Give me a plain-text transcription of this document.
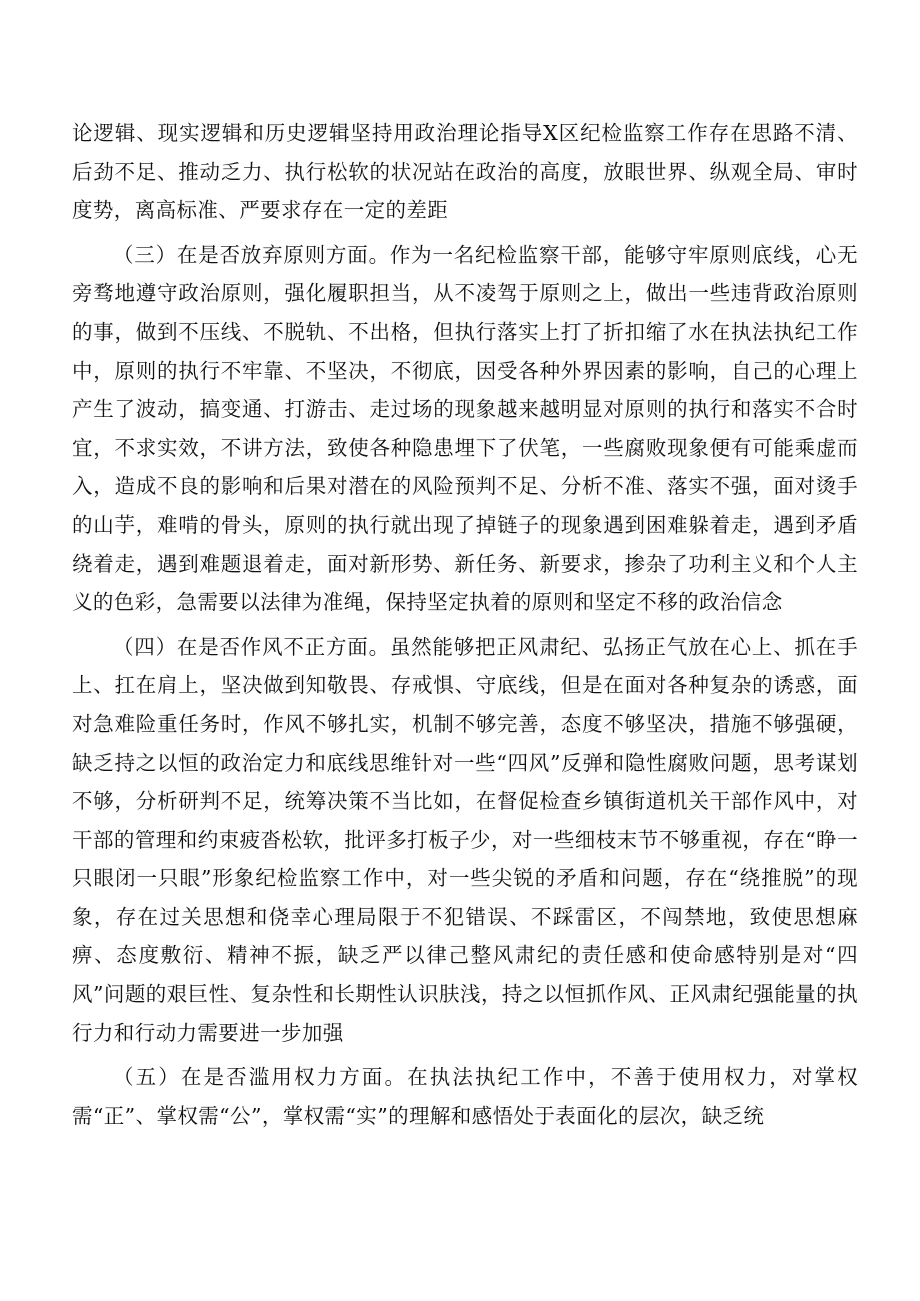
论逻辑、现实逻辑和历史逻辑坚持用政治理论指导X区纪检监察工作存在思路不清、后劲不足、推动乏力、执行松软的状况站在政治的高度，放眼世界、纵观全局、审时度势，离高标准、严要求存在一定的差距

（三）在是否放弃原则方面。作为一名纪检监察干部，能够守牢原则底线，心无旁骛地遵守政治原则，强化履职担当，从不凌驾于原则之上，做出一些违背政治原则的事，做到不压线、不脱轨、不出格，但执行落实上打了折扣缩了水在执法执纪工作中，原则的执行不牢靠、不坚决，不彻底，因受各种外界因素的影响，自己的心理上产生了波动，搞变通、打游击、走过场的现象越来越明显对原则的执行和落实不合时宜，不求实效，不讲方法，致使各种隐患埋下了伏笔，一些腐败现象便有可能乘虚而入，造成不良的影响和后果对潜在的风险预判不足、分析不准、落实不强，面对烫手的山芋，难啃的骨头，原则的执行就出现了掉链子的现象遇到困难躲着走，遇到矛盾绕着走，遇到难题退着走，面对新形势、新任务、新要求，掺杂了功利主义和个人主义的色彩，急需要以法律为准绳，保持坚定执着的原则和坚定不移的政治信念

（四）在是否作风不正方面。虽然能够把正风肃纪、弘扬正气放在心上、抓在手上、扛在肩上，坚决做到知敬畏、存戒惧、守底线，但是在面对各种复杂的诱惑，面对急难险重任务时，作风不够扎实，机制不够完善，态度不够坚决，措施不够强硬，缺乏持之以恒的政治定力和底线思维针对一些“四风”反弹和隐性腐败问题，思考谋划不够，分析研判不足，统筹决策不当比如，在督促检查乡镇街道机关干部作风中，对干部的管理和约束疲沓松软，批评多打板子少，对一些细枝末节不够重视，存在“睁一只眼闭一只眼”形象纪检监察工作中，对一些尖锐的矛盾和问题，存在“绕推脱”的现象，存在过关思想和侥幸心理局限于不犯错误、不踩雷区，不闯禁地，致使思想麻痹、态度敷衍、精神不振，缺乏严以律己整风肃纪的责任感和使命感特别是对“四风”问题的艰巨性、复杂性和长期性认识肤浅，持之以恒抓作风、正风肃纪强能量的执行力和行动力需要进一步加强

（五）在是否滥用权力方面。在执法执纪工作中，不善于使用权力，对掌权需“正”、掌权需“公”，掌权需“实”的理解和感悟处于表面化的层次，缺乏统
